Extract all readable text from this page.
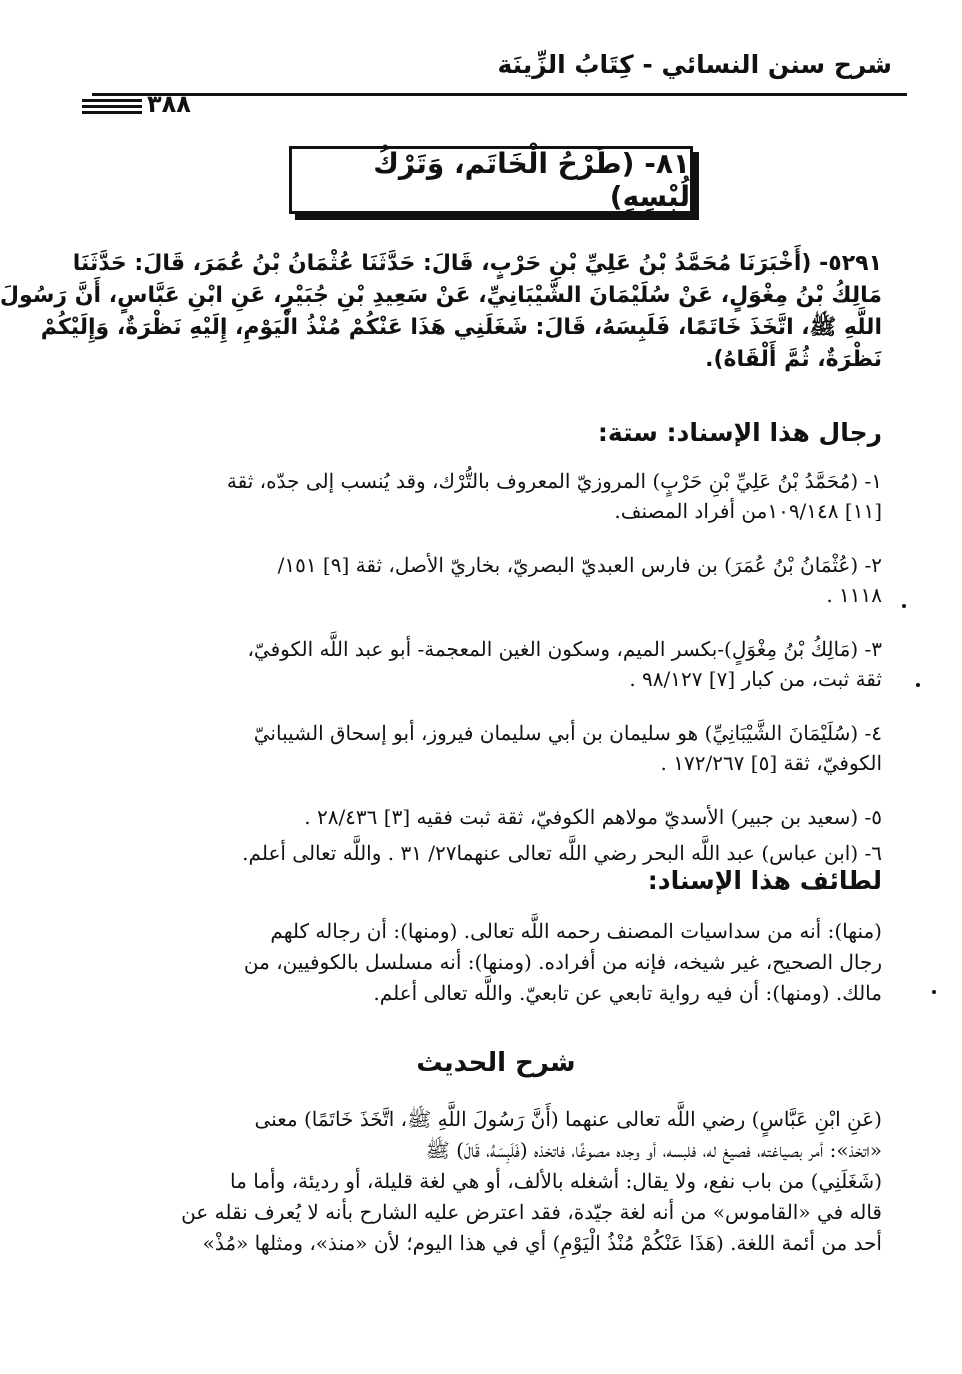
شرح سنن النسائي - كِتَابُ الزِّينَة
٣٨٨
٨١- (طَرْحُ الْخَاتَم، وَتَرْكُ لُبْسِهِ)
٥٢٩١- (أَخْبَرَنَا مُحَمَّدُ بْنُ عَلِيِّ بْنِ حَرْبٍ، قَالَ: حَدَّثَنَا عُثْمَانُ بْنُ عُمَرَ، قَالَ: حَدَّثَنَا
مَالِكُ بْنُ مِغْوَلٍ، عَنْ سُلَيْمَانَ الشَّيْبَانِيِّ، عَنْ سَعِيدِ بْنِ جُبَيْرٍ، عَنِ ابْنِ عَبَّاسٍ، أَنَّ رَسُولَ
اللَّهِ ﷺ، اتَّخَذَ خَاتَمًا، فَلَبِسَهُ، قَالَ: شَغَلَنِي هَذَا عَنْكُمْ مُنْذُ الْيَوْمِ، إِلَيْهِ نَظْرَةٌ، وَإِلَيْكُمْ
نَظْرَةٌ، ثُمَّ أَلْقَاهُ).
رجال هذا الإسناد: ستة:
١- (مُحَمَّدُ بْنُ عَلِيِّ بْنِ حَرْبٍ) المروزيّ المعروف بالتُّرْك، وقد يُنسب إلى جدّه، ثقة
[١١] ١٠٩/١٤٨من أفراد المصنف.
٢- (عُثْمَانُ بْنُ عُمَرَ) بن فارس العبديّ البصريّ، بخاريّ الأصل، ثقة [٩] ١٥١/
١١١٨ .
٣- (مَالِكُ بْنُ مِغْوَلٍ)-بكسر الميم، وسكون الغين المعجمة- أبو عبد اللَّه الكوفيّ،
ثقة ثبت، من كبار [٧] ٩٨/١٢٧ .
٤- (سُلَيْمَانَ الشَّيْبَانِيِّ) هو سليمان بن أبي سليمان فيروز، أبو إسحاق الشيبانيّ
الكوفيّ، ثقة [٥] ١٧٢/٢٦٧ .
٥- (سعيد بن جبير) الأسديّ مولاهم الكوفيّ، ثقة ثبت فقيه [٣] ٢٨/٤٣٦ .
٦- (ابن عباس) عبد اللَّه البحر رضي اللَّه تعالى عنهما٢٧/ ٣١ . واللَّه تعالى أعلم.
لطائف هذا الإسناد:
(منها): أنه من سداسيات المصنف رحمه اللَّه تعالى. (ومنها): أن رجاله كلهم
رجال الصحيح، غير شيخه، فإنه من أفراده. (ومنها): أنه مسلسل بالكوفيين، من
مالك. (ومنها): أن فيه رواية تابعي عن تابعيّ. واللَّه تعالى أعلم.
شرح الحديث
(عَنِ ابْنِ عَبَّاسٍ) رضي اللَّه تعالى عنهما (أَنَّ رَسُولَ اللَّهِ ﷺ، اتَّخَذَ خَاتَمًا) معنى
«اتخذ»: أمر بصياغته، فصيغ له، فلبسه، أو وجده مصوغًا، فاتخذه (فَلَبِسَهُ، قَالَ) ﷺ
(شَغَلَنِي) من باب نفع، ولا يقال: أشغله بالألف، أو هي لغة قليلة، أو رديئة، وأما ما
قاله في «القاموس» من أنه لغة جيّدة، فقد اعترض عليه الشارح بأنه لا يُعرف نقله عن
أحد من أئمة اللغة. (هَذَا عَنْكُمْ مُنْذُ الْيَوْمِ) أي في هذا اليوم؛ لأن «منذ»، ومثلها «مُذْ»
